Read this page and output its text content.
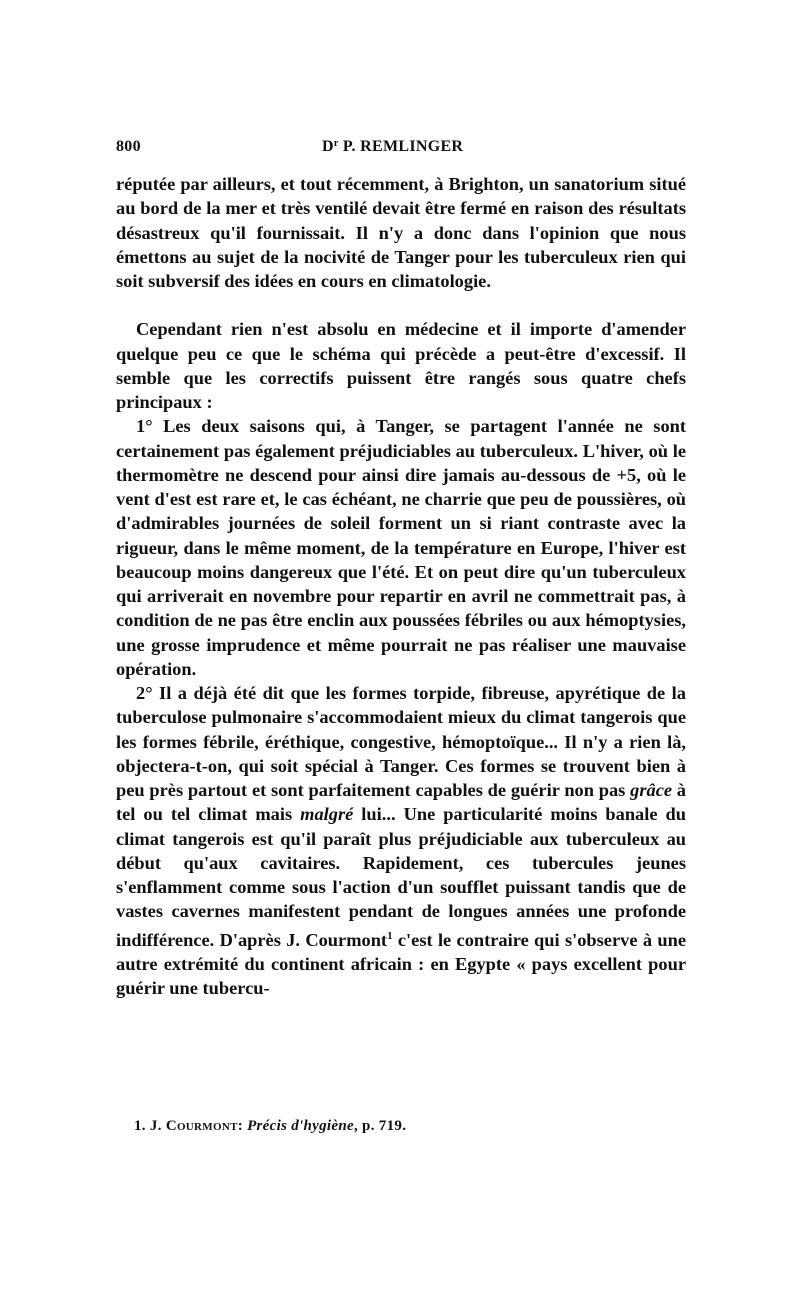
800	$D^r$ P. REMLINGER

réputée par ailleurs, et tout récemment, à Brighton, un sanatorium situé au bord de la mer et très ventilé devait être fermé en raison des résultats désastreux qu'il fournissait. Il n'y a donc dans l'opinion que nous émettons au sujet de la nocivité de Tanger pour les tuberculeux rien qui soit subversif des idées en cours en climatologie.

Cependant rien n'est absolu en médecine et il importe d'amender quelque peu ce que le schéma qui précède a peut-être d'excessif. Il semble que les correctifs puissent être rangés sous quatre chefs principaux :

1° Les deux saisons qui, à Tanger, se partagent l'année ne sont certainement pas également préjudiciables au tuberculeux. L'hiver, où le thermomètre ne descend pour ainsi dire jamais au-dessous de +5, où le vent d'est est rare et, le cas échéant, ne charrie que peu de poussières, où d'admirables journées de soleil forment un si riant contraste avec la rigueur, dans le même moment, de la température en Europe, l'hiver est beaucoup moins dangereux que l'été. Et on peut dire qu'un tuberculeux qui arriverait en novembre pour repartir en avril ne commettrait pas, à condition de ne pas être enclin aux poussées fébriles ou aux hémoptysies, une grosse imprudence et même pourrait ne pas réaliser une mauvaise opération.

2° Il a déjà été dit que les formes torpide, fibreuse, apyrétique de la tuberculose pulmonaire s'accommodaient mieux du climat tangerois que les formes fébrile, éréthique, congestive, hémoptoïque... Il n'y a rien là, objectera-t-on, qui soit spécial à Tanger. Ces formes se trouvent bien à peu près partout et sont parfaitement capables de guérir non pas grâce à tel ou tel climat mais malgré lui... Une particularité moins banale du climat tangerois est qu'il paraît plus préjudiciable aux tuberculeux au début qu'aux cavitaires. Rapidement, ces tubercules jeunes s'enflamment comme sous l'action d'un soufflet puissant tandis que de vastes cavernes manifestent pendant de longues années une profonde indifférence. D'après J. Courmont$^1$ c'est le contraire qui s'observe à une autre extrémité du continent africain : en Egypte « pays excellent pour guérir une tubercu-

1. J. Courmont: Précis d'hygiène, p. 719.
